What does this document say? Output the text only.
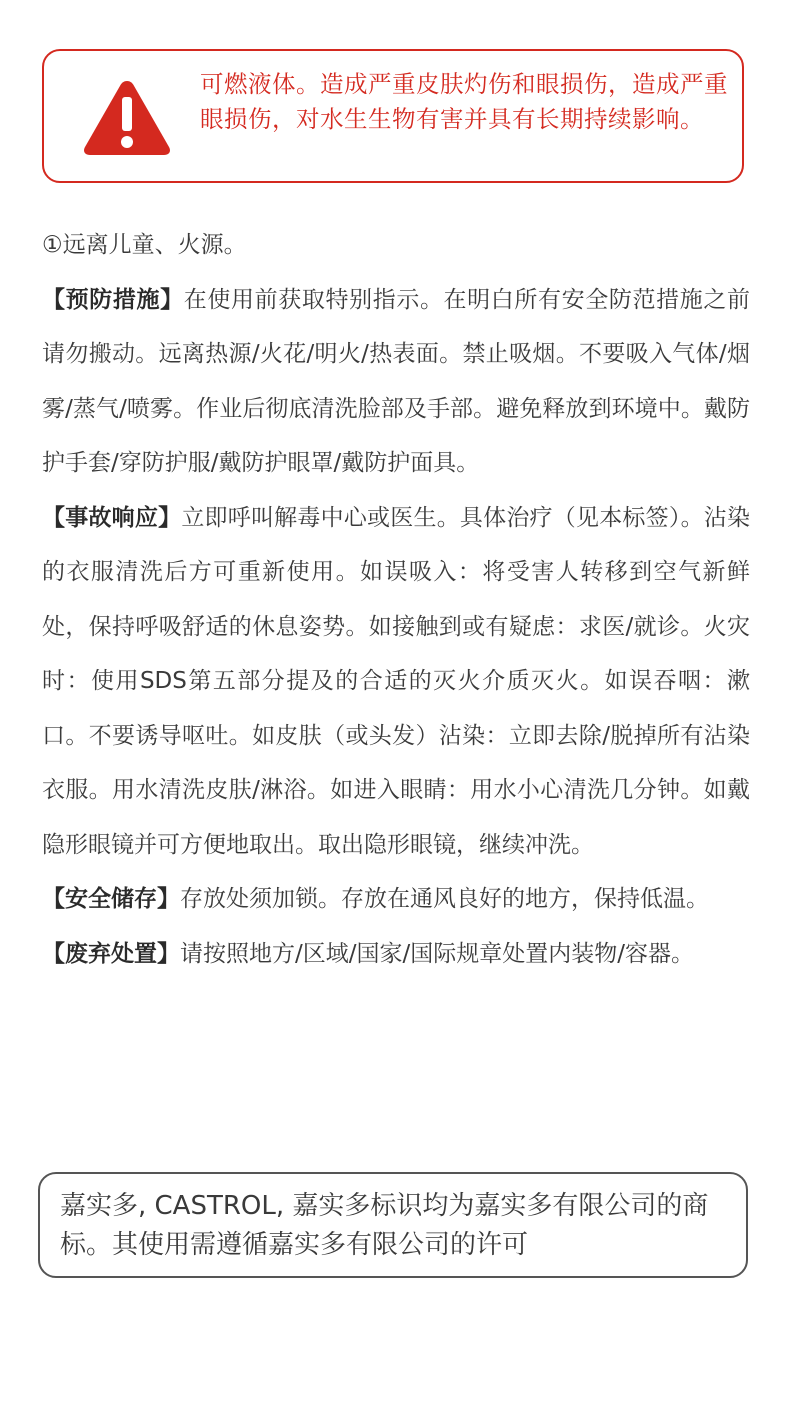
可燃液体。造成严重皮肤灼伤和眼损伤，造成严重眼损伤，对水生生物有害并具有长期持续影响。

①远离儿童、火源。

【预防措施】在使用前获取特别指示。在明白所有安全防范措施之前请勿搬动。远离热源/火花/明火/热表面。禁止吸烟。不要吸入气体/烟雾/蒸气/喷雾。作业后彻底清洗脸部及手部。避免释放到环境中。戴防护手套/穿防护服/戴防护眼罩/戴防护面具。

【事故响应】立即呼叫解毒中心或医生。具体治疗（见本标签）。沾染的衣服清洗后方可重新使用。如误吸入：将受害人转移到空气新鲜处，保持呼吸舒适的休息姿势。如接触到或有疑虑：求医/就诊。火灾时：使用SDS第五部分提及的合适的灭火介质灭火。如误吞咽：漱口。不要诱导呕吐。如皮肤（或头发）沾染：立即去除/脱掉所有沾染衣服。用水清洗皮肤/淋浴。如进入眼睛：用水小心清洗几分钟。如戴隐形眼镜并可方便地取出。取出隐形眼镜，继续冲洗。

【安全储存】存放处须加锁。存放在通风良好的地方，保持低温。

【废弃处置】请按照地方/区域/国家/国际规章处置内装物/容器。

嘉实多, CASTROL, 嘉实多标识均为嘉实多有限公司的商标。其使用需遵循嘉实多有限公司的许可
